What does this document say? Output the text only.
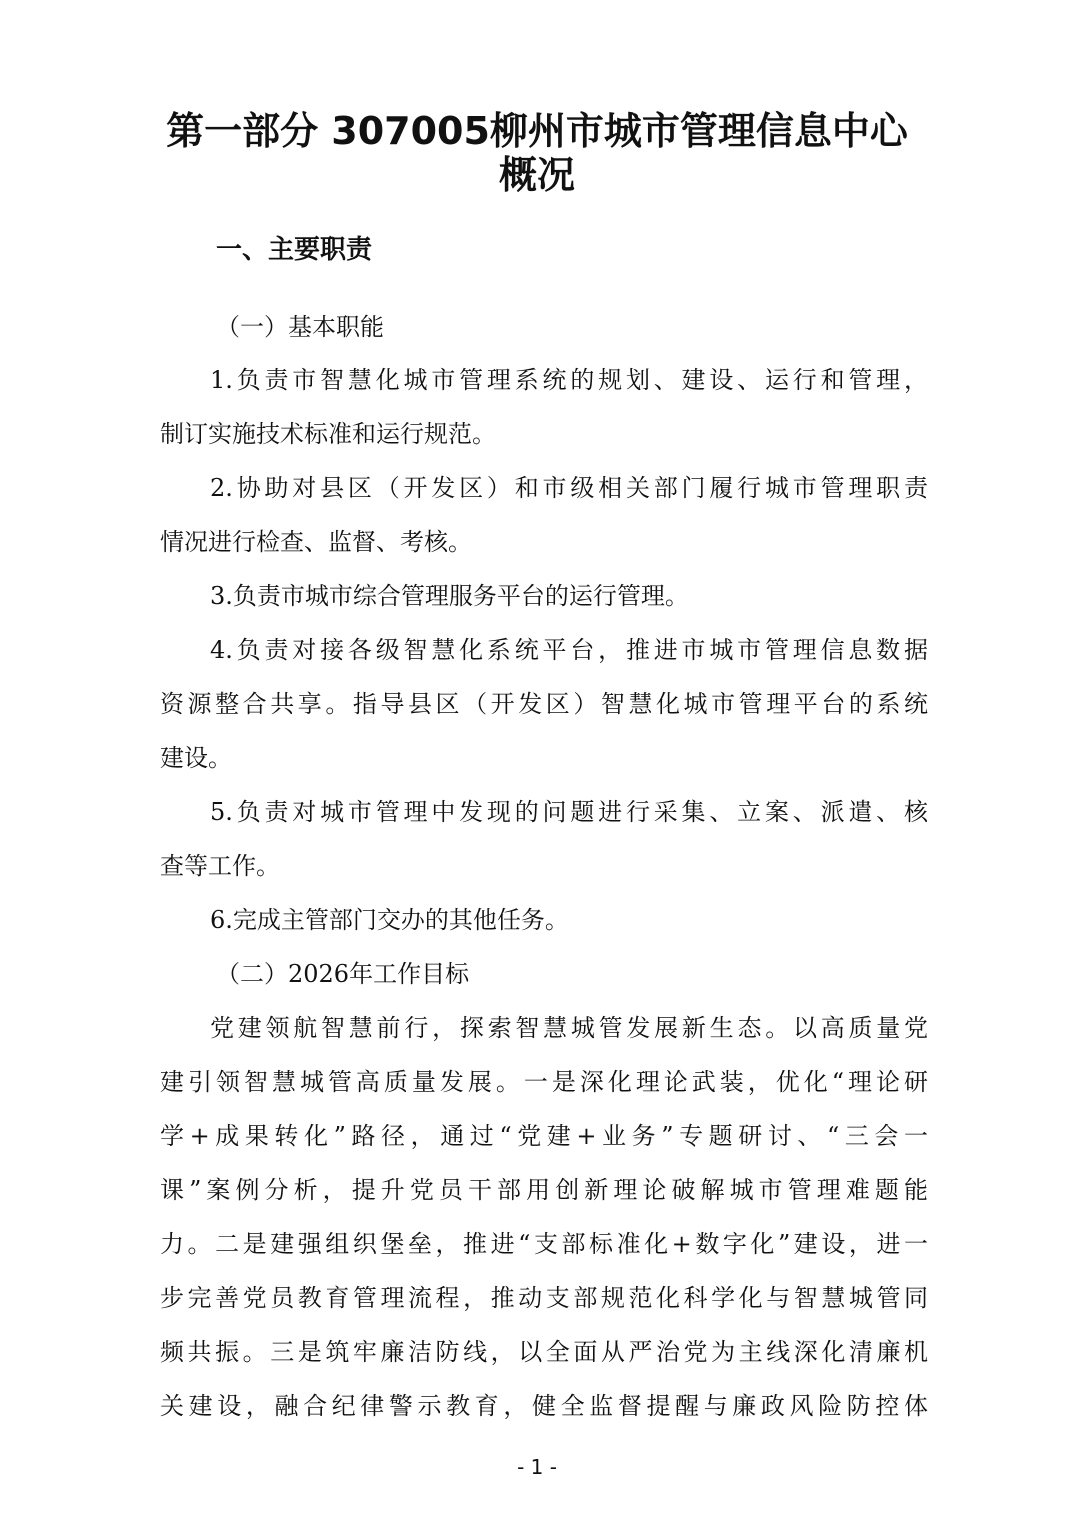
第一部分 307005柳州市城市管理信息中心
概况
一、主要职责

（一）基本职能

1.负责市智慧化城市管理系统的规划、建设、运行和管理，

制订实施技术标准和运行规范。

2.协助对县区（开发区）和市级相关部门履行城市管理职责

情况进行检查、监督、考核。

3.负责市城市综合管理服务平台的运行管理。

4.负责对接各级智慧化系统平台，推进市城市管理信息数据

资源整合共享。指导县区（开发区）智慧化城市管理平台的系统

建设。

5.负责对城市管理中发现的问题进行采集、立案、派遣、核

查等工作。

6.完成主管部门交办的其他任务。

（二）2026年工作目标

党建领航智慧前行，探索智慧城管发展新生态。以高质量党

建引领智慧城管高质量发展。一是深化理论武装，优化“理论研

学+成果转化”路径，通过“党建+业务”专题研讨、“三会一

课”案例分析，提升党员干部用创新理论破解城市管理难题能

力。二是建强组织堡垒，推进“支部标准化+数字化”建设，进一

步完善党员教育管理流程，推动支部规范化科学化与智慧城管同

频共振。三是筑牢廉洁防线，以全面从严治党为主线深化清廉机

关建设，融合纪律警示教育，健全监督提醒与廉政风险防控体

- 1 -
